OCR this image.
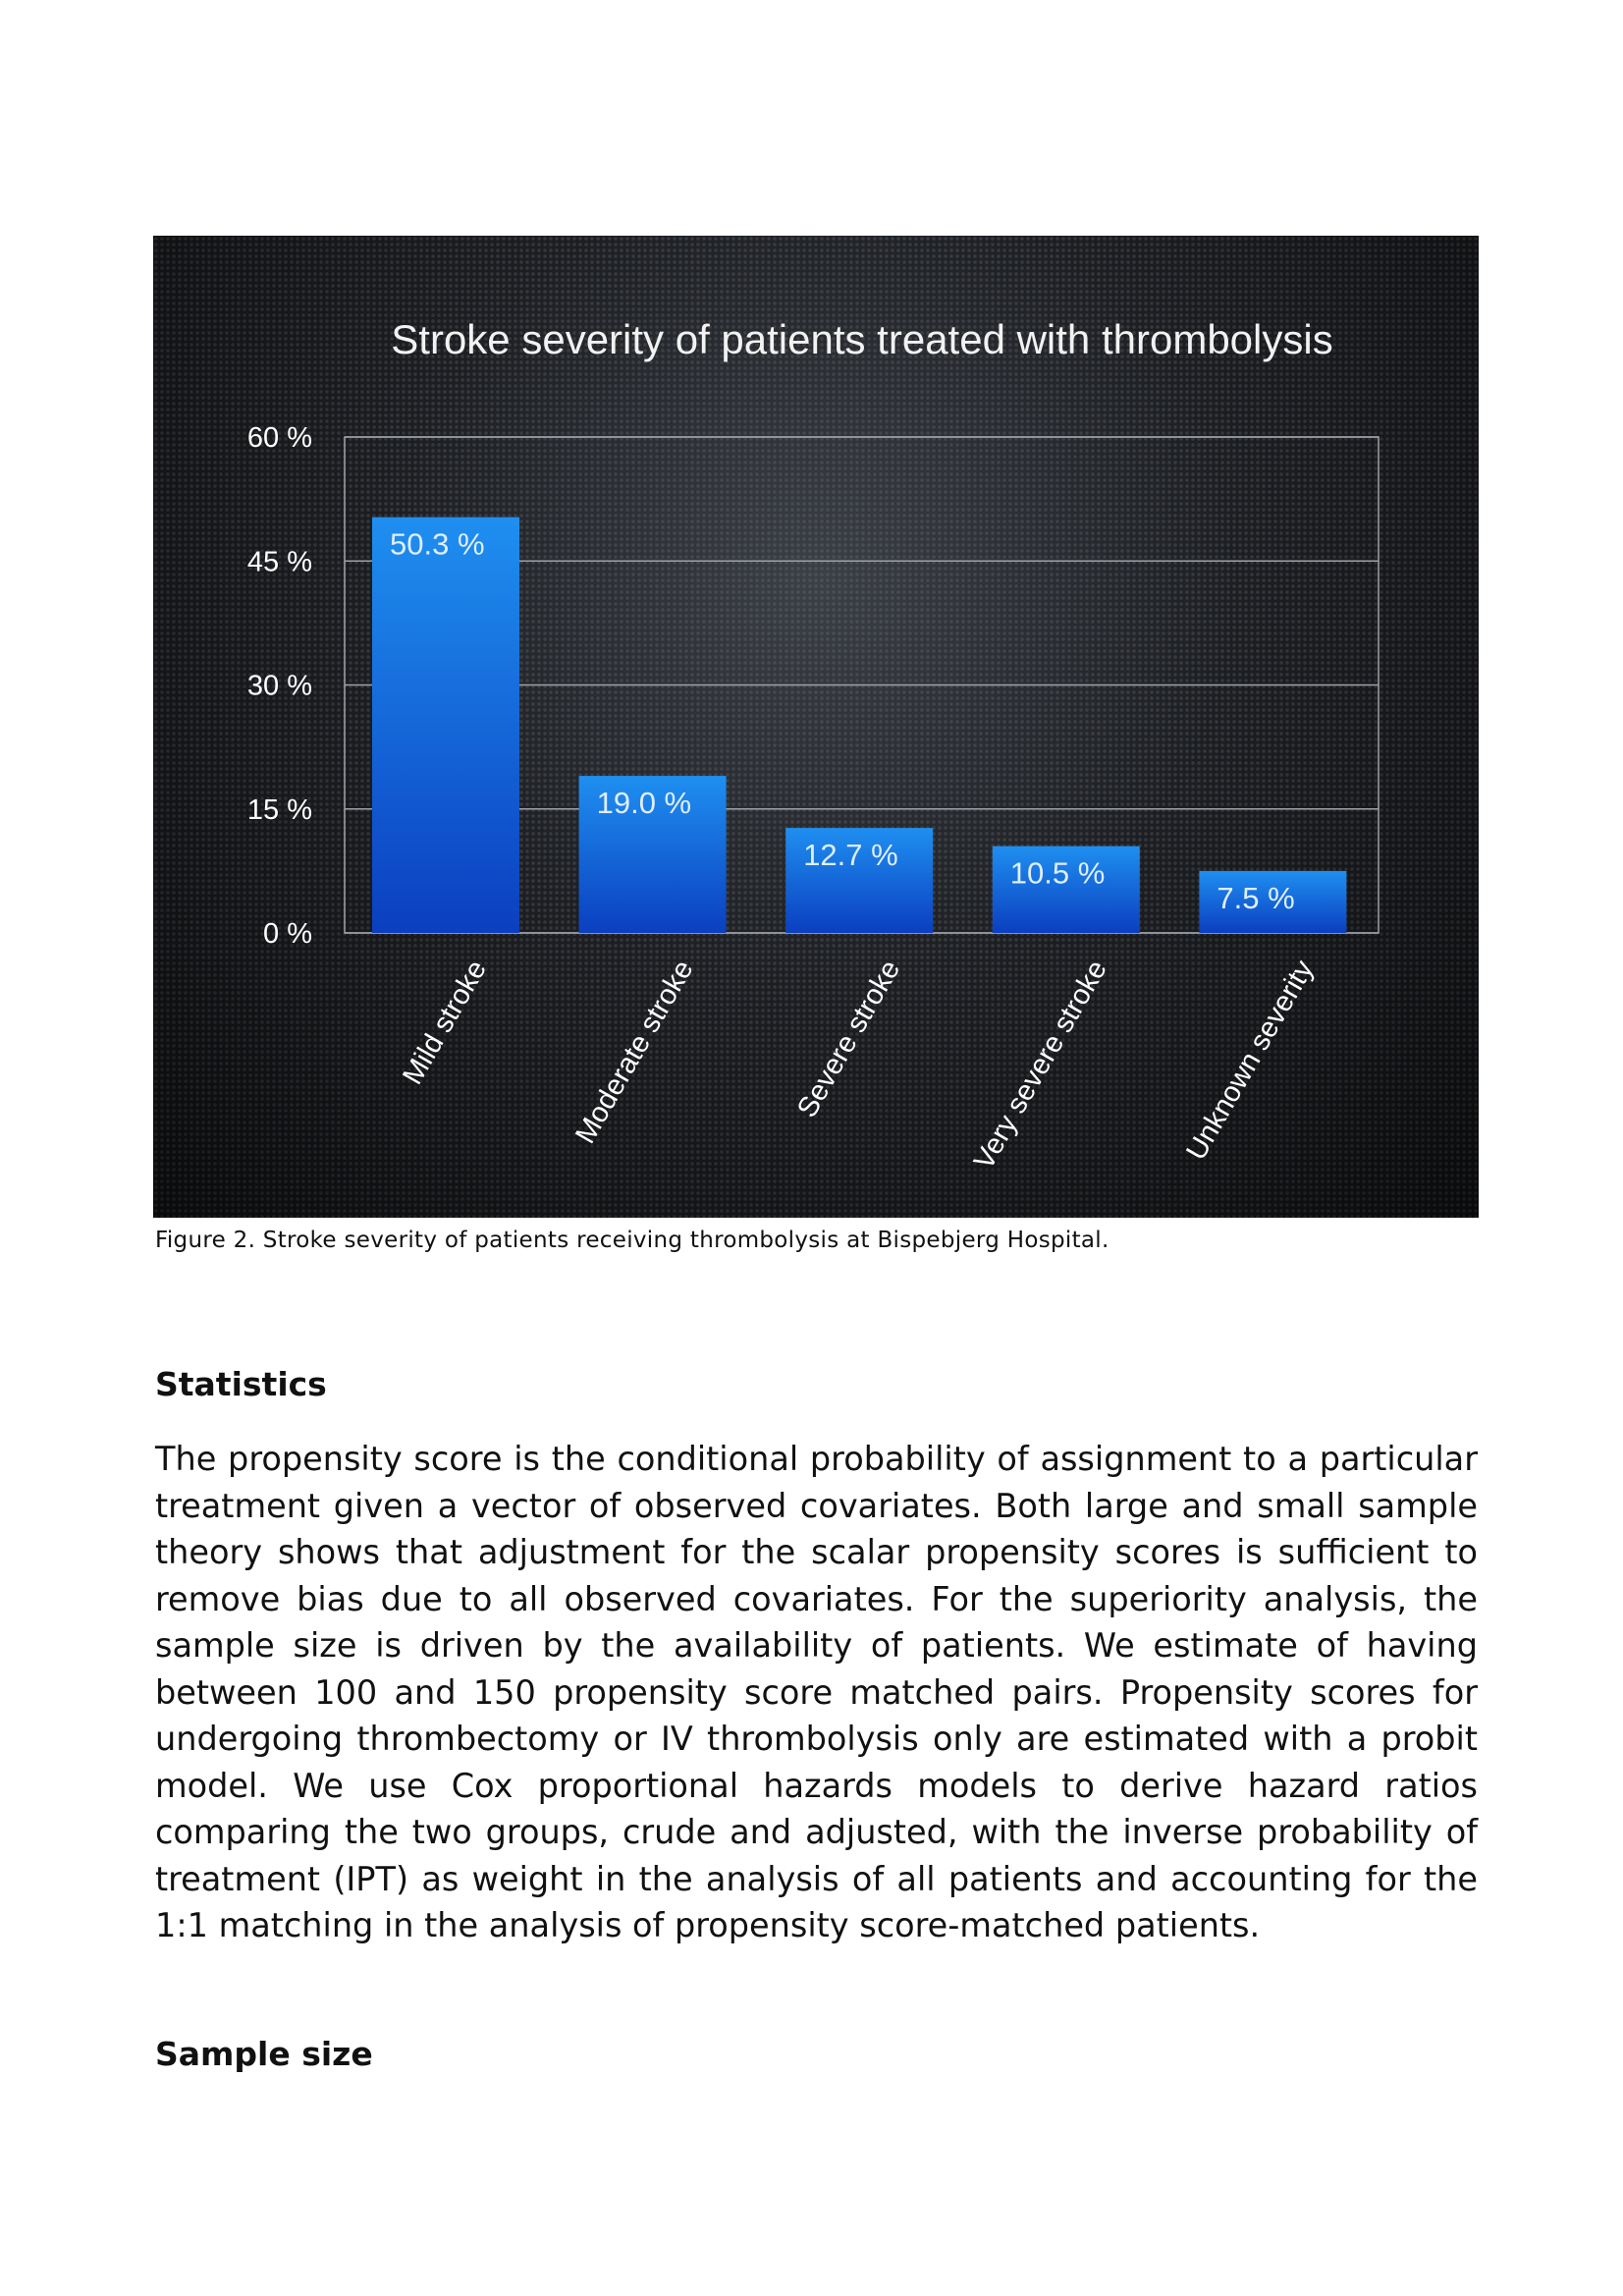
Stroke severity of patients treated with thrombolysis
0 %
15 %
30 %
45 %
60 %
50.3 %
Mild stroke
19.0 %
Moderate stroke
12.7 %
Severe stroke
10.5 %
Very severe stroke
7.5 %
Unknown severity
Figure 2. Stroke severity of patients receiving thrombolysis at Bispebjerg Hospital.
Statistics

The propensity score is the conditional probability of assignment to a particular treatment given a vector of observed covariates. Both large and small sample theory shows that adjustment for the scalar propensity scores is sufficient to remove bias due to all observed covariates. For the superiority analysis, the sample size is driven by the availability of patients. We estimate of having between 100 and 150 propensity score matched pairs. Propensity scores for undergoing thrombectomy or IV thrombolysis only are estimated with a probit model. We use Cox proportional hazards models to derive hazard ratios comparing the two groups, crude and adjusted, with the inverse probability of treatment (IPT) as weight in the analysis of all patients and accounting for the 1:1 matching in the analysis of propensity score-matched patients.

Sample size
